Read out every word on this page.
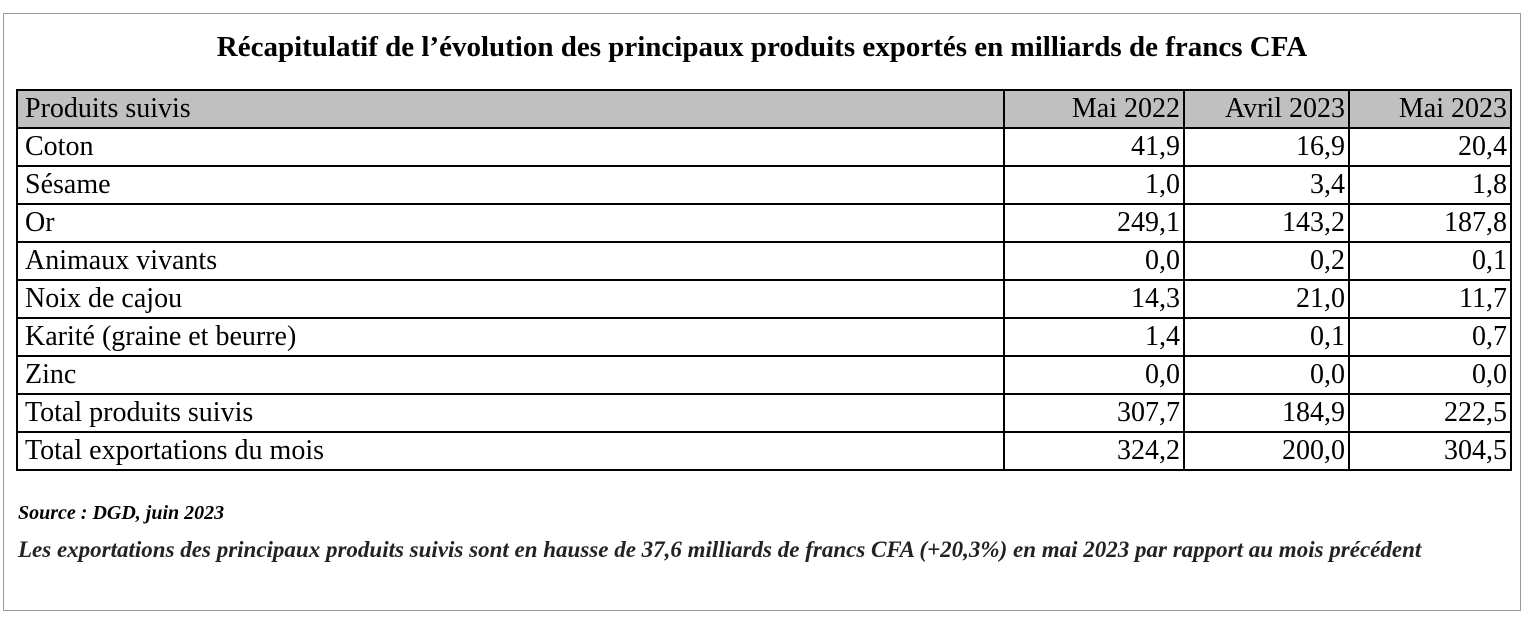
Récapitulatif de l’évolution des principaux produits exportés en milliards de francs CFA
Produits suivis	Mai 2022	Avril 2023	Mai 2023
Coton	41,9	16,9	20,4
Sésame	1,0	3,4	1,8
Or	249,1	143,2	187,8
Animaux vivants	0,0	0,2	0,1
Noix de cajou	14,3	21,0	11,7
Karité (graine et beurre)	1,4	0,1	0,7
Zinc	0,0	0,0	0,0
Total produits suivis	307,7	184,9	222,5
Total exportations du mois	324,2	200,0	304,5
Source : DGD, juin 2023
Les exportations des principaux produits suivis sont en hausse de 37,6 milliards de francs CFA (+20,3%) en mai 2023 par rapport au mois précédent
